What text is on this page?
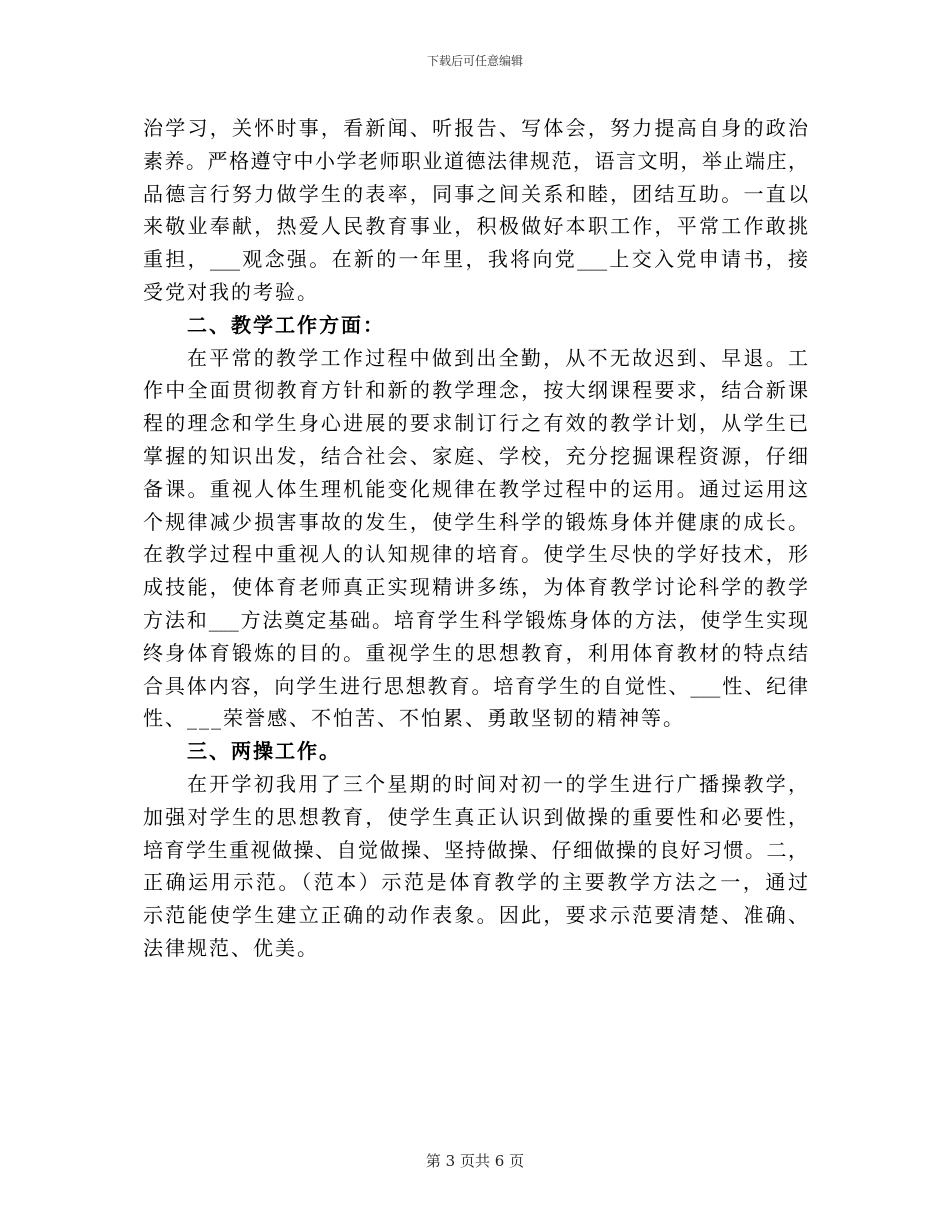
下载后可任意编辑
治学习，关怀时事，看新闻、听报告、写体会，努力提高自身的政治
素养。严格遵守中小学老师职业道德法律规范，语言文明，举止端庄，
品德言行努力做学生的表率，同事之间关系和睦，团结互助。一直以
来敬业奉献，热爱人民教育事业，积极做好本职工作，平常工作敢挑
重担，___观念强。在新的一年里，我将向党___上交入党申请书，接
受党对我的考验。
二、教学工作方面：
在平常的教学工作过程中做到出全勤，从不无故迟到、早退。工
作中全面贯彻教育方针和新的教学理念，按大纲课程要求，结合新课
程的理念和学生身心进展的要求制订行之有效的教学计划，从学生已
掌握的知识出发，结合社会、家庭、学校，充分挖掘课程资源，仔细
备课。重视人体生理机能变化规律在教学过程中的运用。通过运用这
个规律减少损害事故的发生，使学生科学的锻炼身体并健康的成长。
在教学过程中重视人的认知规律的培育。使学生尽快的学好技术，形
成技能，使体育老师真正实现精讲多练，为体育教学讨论科学的教学
方法和___方法奠定基础。培育学生科学锻炼身体的方法，使学生实现
终身体育锻炼的目的。重视学生的思想教育，利用体育教材的特点结
合具体内容，向学生进行思想教育。培育学生的自觉性、___性、纪律
性、___荣誉感、不怕苦、不怕累、勇敢坚韧的精神等。
三、两操工作。
在开学初我用了三个星期的时间对初一的学生进行广播操教学，
加强对学生的思想教育，使学生真正认识到做操的重要性和必要性，
培育学生重视做操、自觉做操、坚持做操、仔细做操的良好习惯。二，
正确运用示范。（范本）示范是体育教学的主要教学方法之一，通过
示范能使学生建立正确的动作表象。因此，要求示范要清楚、准确、
法律规范、优美。
第 3 页共 6 页
